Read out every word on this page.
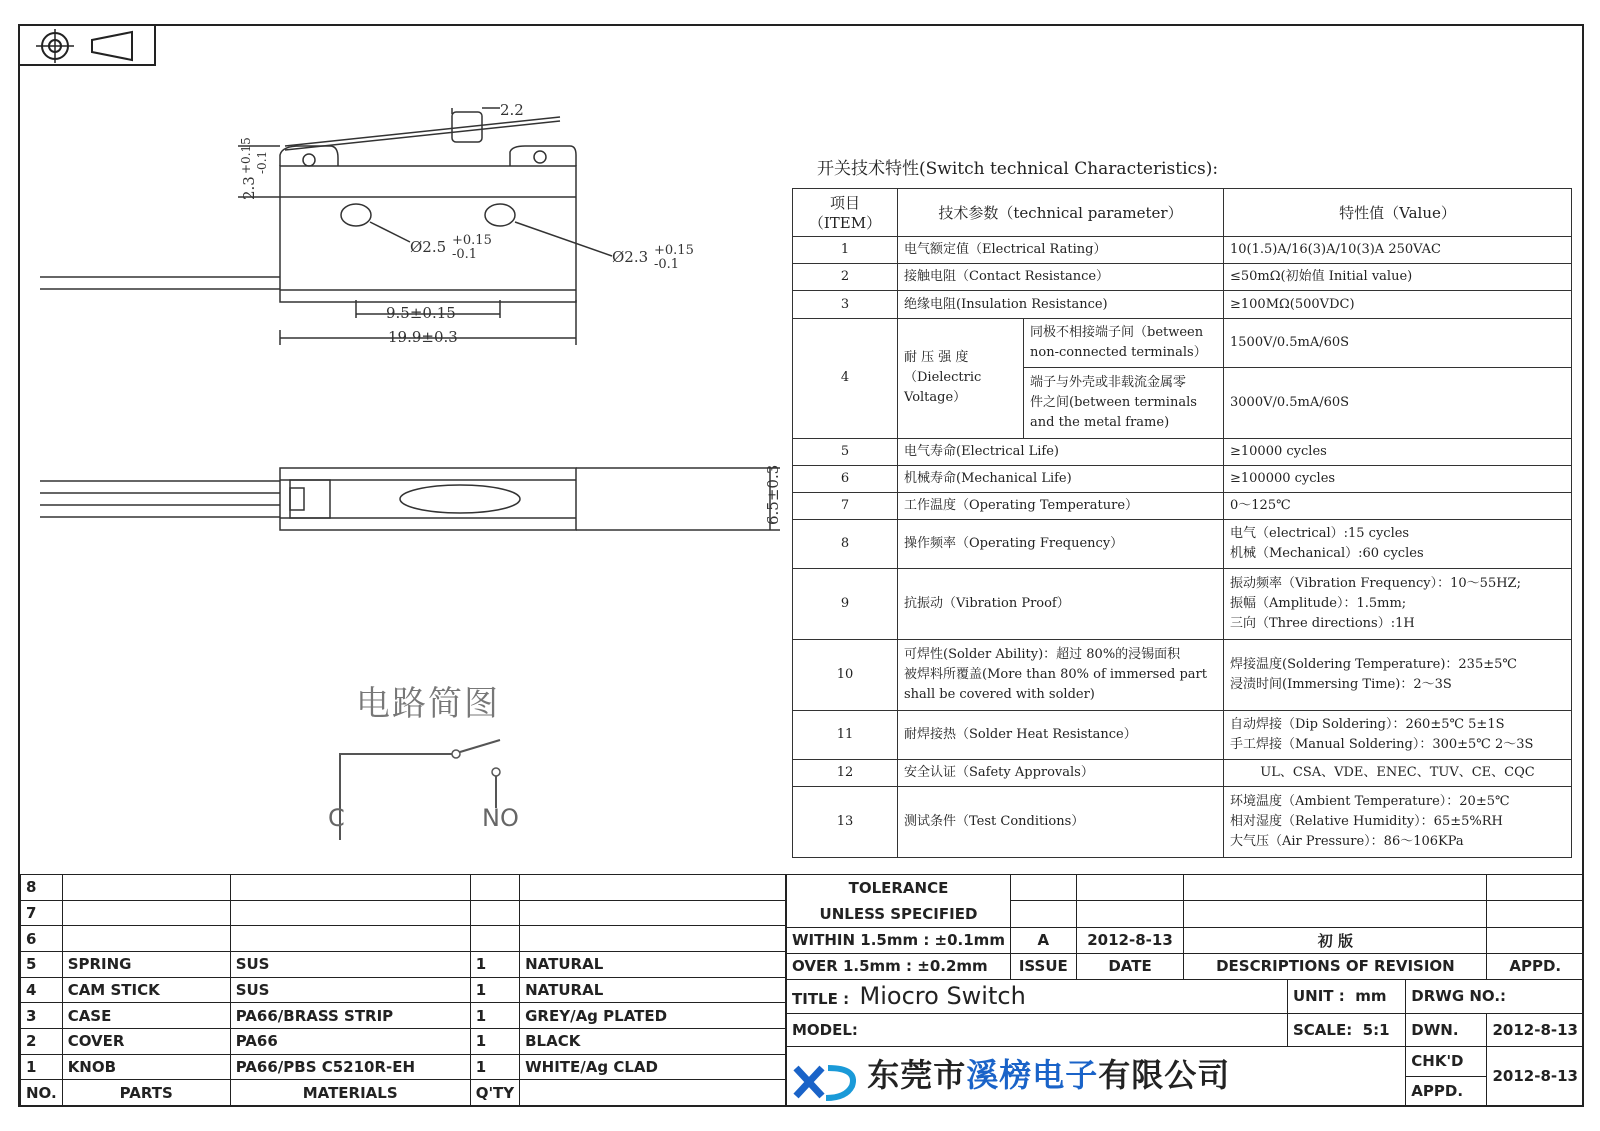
2.2
2.3
+0.15 -0.1
Ø2.5 +0.15
-0.1	Ø2.3 +0.15
-0.1
9.5±0.15
19.9±0.3
6.5±0.3
电路简图
C	NO
开关技术特性(Switch technical Characteristics):
项目
（ITEM）	技术参数（technical parameter）		特性值（Value）
1	电气额定值（Electrical Rating）		10(1.5)A/16(3)A/10(3)A 250VAC
2	接触电阻（Contact Resistance）		≤50mΩ(初始值 Initial value)
3	绝缘电阻(Insulation Resistance)		≥100MΩ(500VDC)
4	耐 压 强 度
（Dielectric
Voltage）	同极不相接端子间（between
non-connected terminals）	1500V/0.5mA/60S
		端子与外壳或非载流金属零
件之间(between terminals
and the metal frame)	3000V/0.5mA/60S
5	电气寿命(Electrical Life)		≥10000 cycles
6	机械寿命(Mechanical Life)		≥100000 cycles
7	工作温度（Operating Temperature）		0～125℃
8	操作频率（Operating Frequency）		电气（electrical）:15 cycles
机械（Mechanical）:60 cycles
9	抗振动（Vibration Proof）		振动频率（Vibration Frequency）：10～55HZ;
振幅（Amplitude）：1.5mm;
三向（Three directions）:1H
10	可焊性(Solder Ability)：超过 80%的浸锡面积
被焊料所覆盖(More than 80% of immersed part
shall be covered with solder)		焊接温度(Soldering Temperature)：235±5℃
浸渍时间(Immersing Time)：2～3S
11	耐焊接热（Solder Heat Resistance）		自动焊接（Dip Soldering）：260±5℃ 5±1S
手工焊接（Manual Soldering）：300±5℃ 2～3S
12	安全认证（Safety Approvals）		UL、CSA、VDE、ENEC、TUV、CE、CQC
13	测试条件（Test Conditions）		环境温度（Ambient Temperature）：20±5℃
相对湿度（Relative Humidity）：65±5%RH
大气压（Air Pressure）：86～106KPa
8				
7				
6				
5	SPRING	SUS	1	NATURAL
4	CAM STICK	SUS	1	NATURAL
3	CASE	PA66/BRASS STRIP	1	GREY/Ag PLATED
2	COVER	PA66	1	BLACK
1	KNOB	PA66/PBS C5210R-EH	1	WHITE/Ag CLAD
NO.	PARTS	MATERIALS	Q'TY	
TOLERANCE						
UNLESS SPECIFIED						
WITHIN 1.5mm : ±0.1mm	A	2012-8-13	初 版			
OVER 1.5mm : ±0.2mm	ISSUE	DATE	DESCRIPTIONS OF REVISION			APPD.
TITLE : Miocro Switch				UNIT : mm	DRWG NO.:	
MODEL:				SCALE: 5:1	DWN.	2012-8-13
东莞市溪榜电子有限公司					CHK'D	2012-8-13
					APPD.	
